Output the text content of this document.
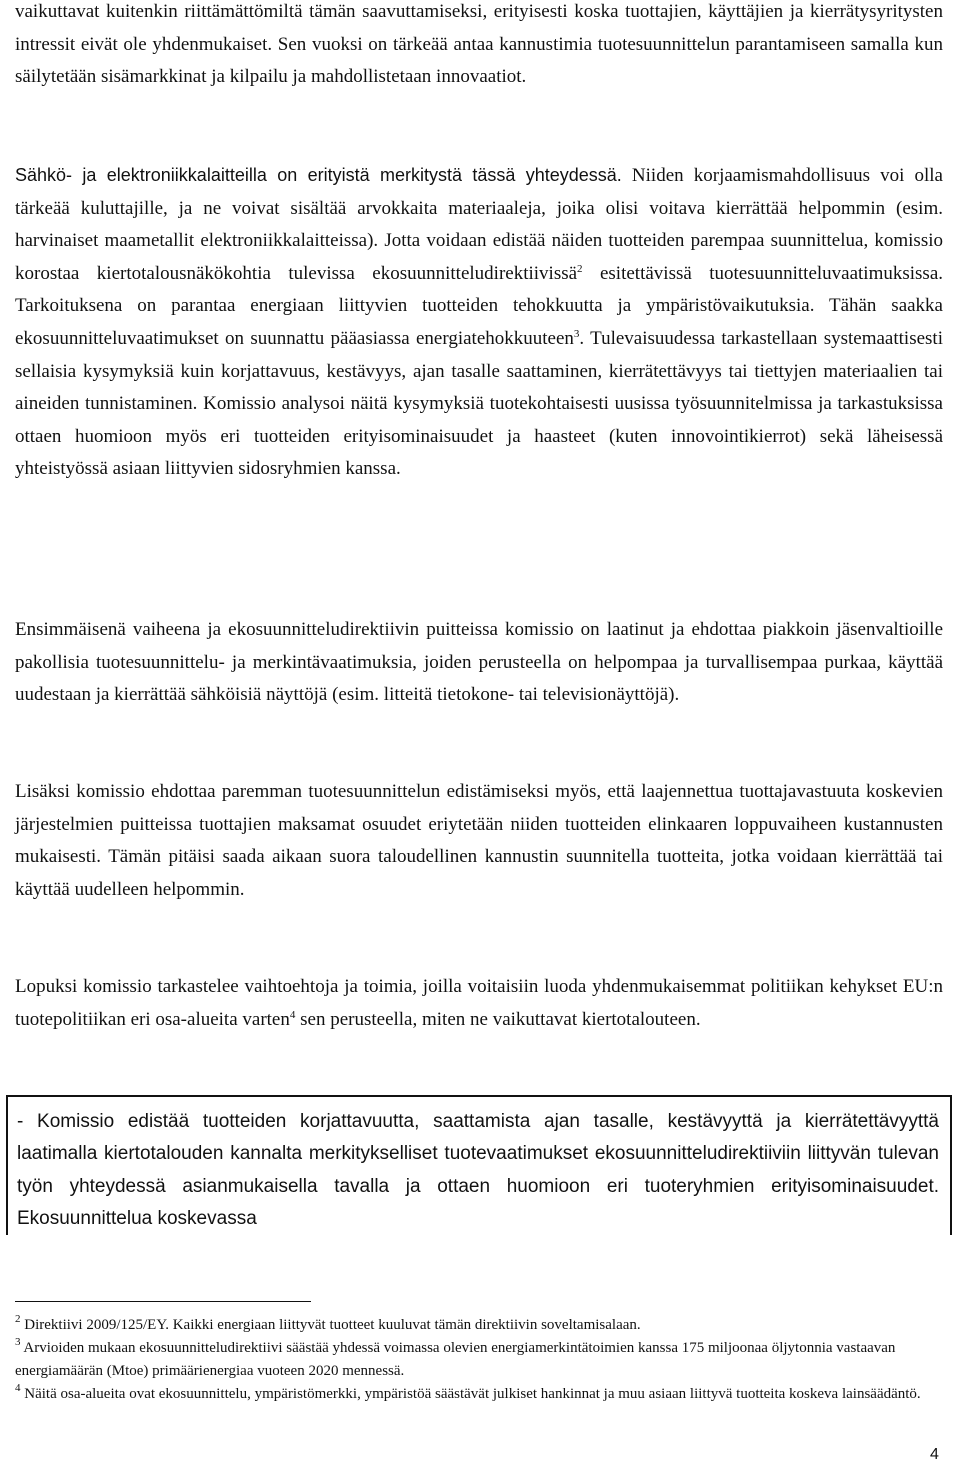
vaikuttavat kuitenkin riittämättömiltä tämän saavuttamiseksi, erityisesti koska tuottajien, käyttäjien ja kierrätysyritysten intressit eivät ole yhdenmukaiset. Sen vuoksi on tärkeää antaa kannustimia tuotesuunnittelun parantamiseen samalla kun säilytetään sisämarkkinat ja kilpailu ja mahdollistetaan innovaatiot.

Sähkö- ja elektroniikkalaitteilla on erityistä merkitystä tässä yhteydessä. Niiden korjaamismahdollisuus voi olla tärkeää kuluttajille, ja ne voivat sisältää arvokkaita materiaaleja, joika olisi voitava kierrättää helpommin (esim. harvinaiset maametallit elektroniikkalaitteissa). Jotta voidaan edistää näiden tuotteiden parempaa suunnittelua, komissio korostaa kiertotalousnäkökohtia tulevissa ekosuunnitteludirektiivissä$^2$ esitettävissä tuotesuunnitteluvaatimuksissa. Tarkoituksena on parantaa energiaan liittyvien tuotteiden tehokkuutta ja ympäristövaikutuksia. Tähän saakka ekosuunnitteluvaatimukset on suunnattu pääasiassa energiatehokkuuteen$^3$. Tulevaisuudessa tarkastellaan systemaattisesti sellaisia kysymyksiä kuin korjattavuus, kestävyys, ajan tasalle saattaminen, kierrätettävyys tai tiettyjen materiaalien tai aineiden tunnistaminen. Komissio analysoi näitä kysymyksiä tuotekohtaisesti uusissa työsuunnitelmissa ja tarkastuksissa ottaen huomioon myös eri tuotteiden erityisominaisuudet ja haasteet (kuten innovointikierrot) sekä läheisessä yhteistyössä asiaan liittyvien sidosryhmien kanssa.

Ensimmäisenä vaiheena ja ekosuunnitteludirektiivin puitteissa komissio on laatinut ja ehdottaa piakkoin jäsenvaltioille pakollisia tuotesuunnittelu- ja merkintävaatimuksia, joiden perusteella on helpompaa ja turvallisempaa purkaa, käyttää uudestaan ja kierrättää sähköisiä näyttöjä (esim. litteitä tietokone- tai televisionäyttöjä).

Lisäksi komissio ehdottaa paremman tuotesuunnittelun edistämiseksi myös, että laajennettua tuottajavastuuta koskevien järjestelmien puitteissa tuottajien maksamat osuudet eriytetään niiden tuotteiden elinkaaren loppuvaiheen kustannusten mukaisesti. Tämän pitäisi saada aikaan suora taloudellinen kannustin suunnitella tuotteita, jotka voidaan kierrättää tai käyttää uudelleen helpommin.

Lopuksi komissio tarkastelee vaihtoehtoja ja toimia, joilla voitaisiin luoda yhdenmukaisemmat politiikan kehykset EU:n tuotepolitiikan eri osa-alueita varten$^4$ sen perusteella, miten ne vaikuttavat kiertotalouteen.

- Komissio edistää tuotteiden korjattavuutta, saattamista ajan tasalle, kestävyyttä ja kierrätettävyyttä laatimalla kiertotalouden kannalta merkitykselliset tuotevaatimukset ekosuunnitteludirektiiviin liittyvän tulevan työn yhteydessä asianmukaisella tavalla ja ottaen huomioon eri tuoteryhmien erityisominaisuudet. Ekosuunnittelua koskevassa

$^2$ Direktiivi 2009/125/EY. Kaikki energiaan liittyvät tuotteet kuuluvat tämän direktiivin soveltamisalaan.

$^3$ Arvioiden mukaan ekosuunnitteludirektiivi säästää yhdessä voimassa olevien energiamerkintätoimien kanssa 175 miljoonaa öljytonnia vastaavan energiamäärän (Mtoe) primäärienergiaa vuoteen 2020 mennessä.

$^4$ Näitä osa-alueita ovat ekosuunnittelu, ympäristömerkki, ympäristöä säästävät julkiset hankinnat ja muu asiaan liittyvä tuotteita koskeva lainsäädäntö.

4
